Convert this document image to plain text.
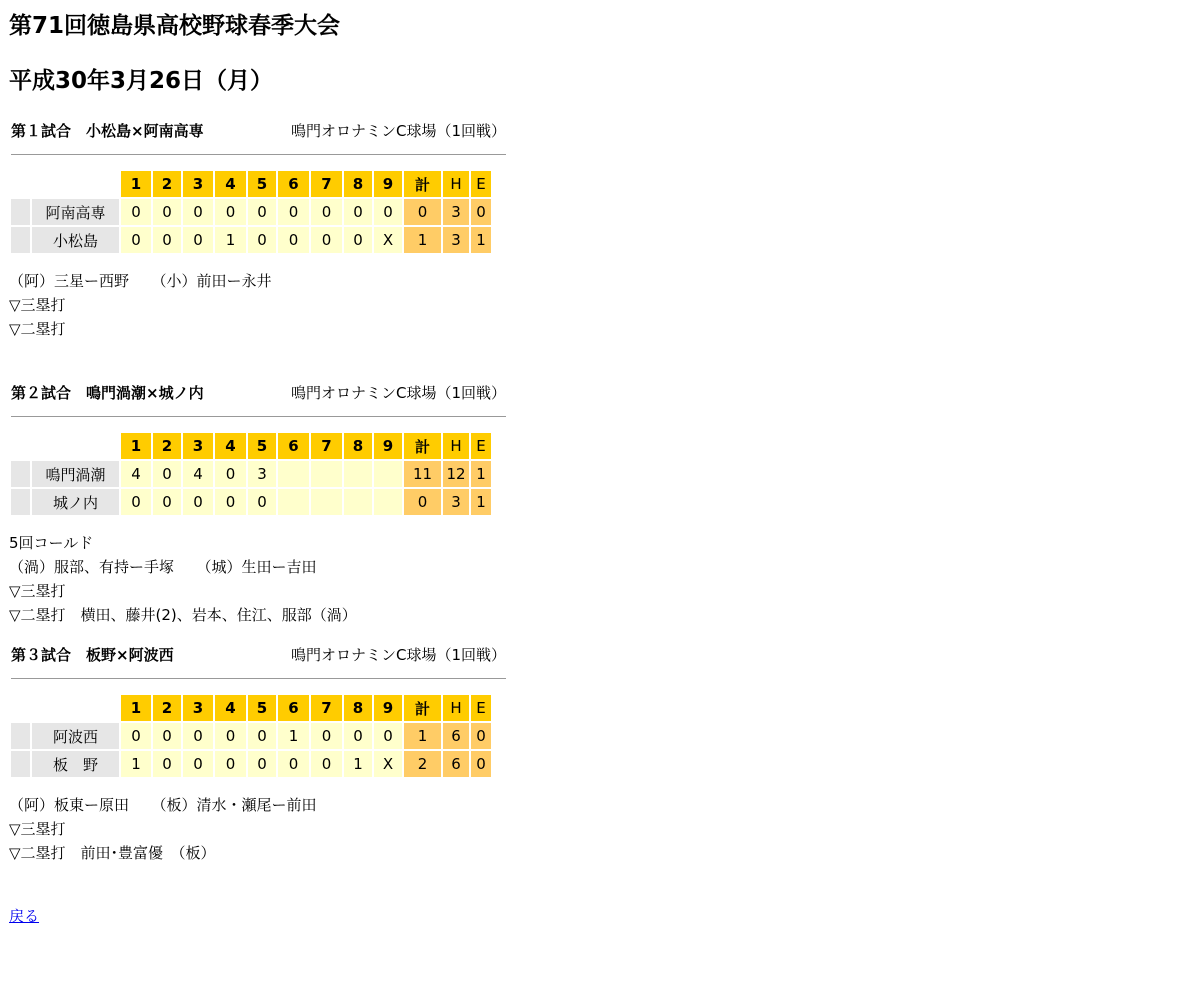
第71回徳島県高校野球春季大会
平成30年3月26日（月）
第１試合　小松島×阿南高専	鳴門オロナミンC球場（1回戦）
		1	2	3	4	5	6	7	8	9	計	H	E
	阿南高専	0	0	0	0	0	0	0	0	0	0	3	0
	小松島	0	0	0	1	0	0	0	0	X	1	3	1
（阿）三星ー西野　　（小）前田ー永井
▽三塁打
▽二塁打
第２試合　鳴門渦潮×城ノ内	鳴門オロナミンC球場（1回戦）
		1	2	3	4	5	6	7	8	9	計	H	E
	鳴門渦潮	4	0	4	0	3					11	12	1
	城ノ内	0	0	0	0	0					0	3	1
5回コールド
（渦）服部、有持ー手塚　　（城）生田ー吉田
▽三塁打
▽二塁打　横田、藤井(2)、岩本、住江、服部（渦）
第３試合　板野×阿波西	鳴門オロナミンC球場（1回戦）
		1	2	3	4	5	6	7	8	9	計	H	E
	阿波西	0	0	0	0	0	1	0	0	0	1	6	0
	板　野	1	0	0	0	0	0	0	1	X	2	6	0
（阿）板東ー原田　　（板）清水・瀬尾ー前田
▽三塁打
▽二塁打　前田･豊富優　（板）
戻る
